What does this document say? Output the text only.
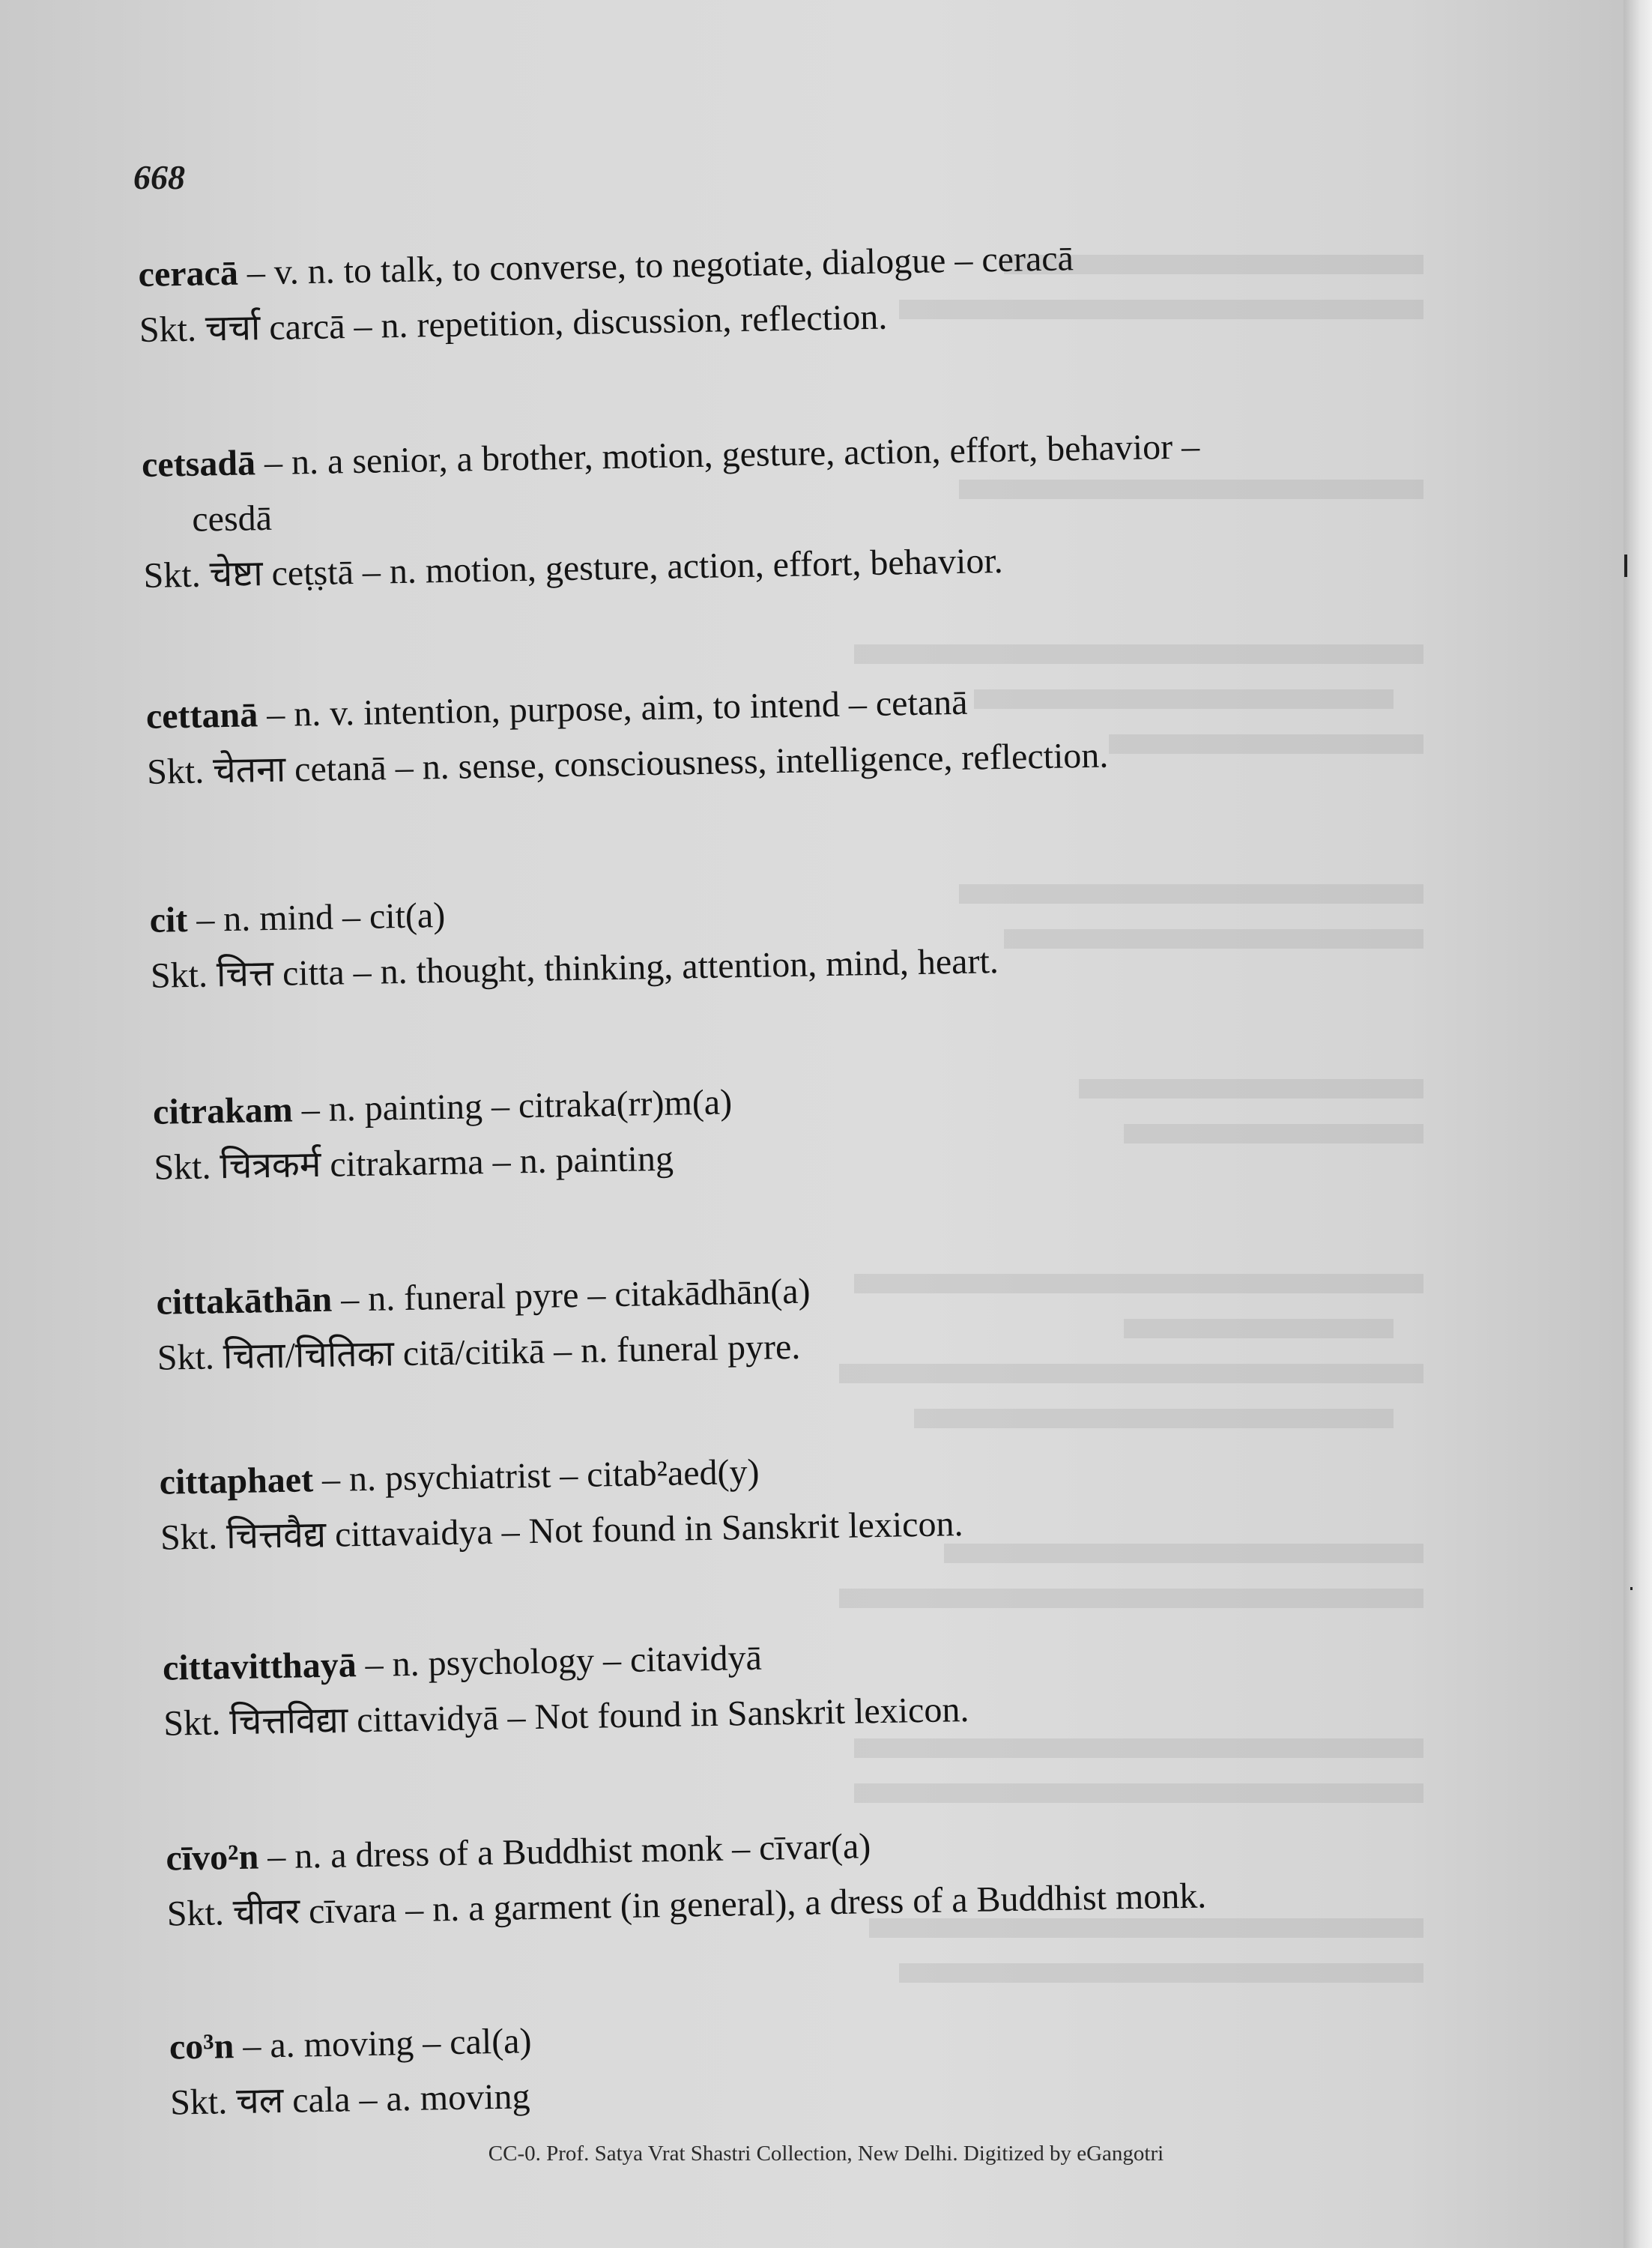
668
ceracā – v. n. to talk, to converse, to negotiate, dialogue – ceracā
Skt. चर्चा carcā – n. repetition, discussion, reflection.
cetsadā – n. a senior, a brother, motion, gesture, action, effort, behavior –
cesdā
Skt. चेष्टा ceṭṣtā – n. motion, gesture, action, effort, behavior.
cettanā – n. v. intention, purpose, aim, to intend – cetanā
Skt. चेतना cetanā – n. sense, consciousness, intelligence, reflection.
cit – n. mind – cit(a)
Skt. चित्त citta – n. thought, thinking, attention, mind, heart.
citrakam – n. painting – citraka(rr)m(a)
Skt. चित्रकर्म citrakarma – n. painting
cittakāthān – n. funeral pyre – citakādhān(a)
Skt. चिता/चितिका citā/citikā – n. funeral pyre.
cittaphaet – n. psychiatrist – citab²aed(y)
Skt. चित्तवैद्य cittavaidya – Not found in Sanskrit lexicon.
cittavitthayā – n. psychology – citavidyā
Skt. चित्तविद्या cittavidyā – Not found in Sanskrit lexicon.
cīvo²n – n. a dress of a Buddhist monk – cīvar(a)
Skt. चीवर cīvara – n. a garment (in general), a dress of a Buddhist monk.
co³n – a. moving – cal(a)
Skt. चल cala – a. moving
CC-0. Prof. Satya Vrat Shastri Collection, New Delhi. Digitized by eGangotri
